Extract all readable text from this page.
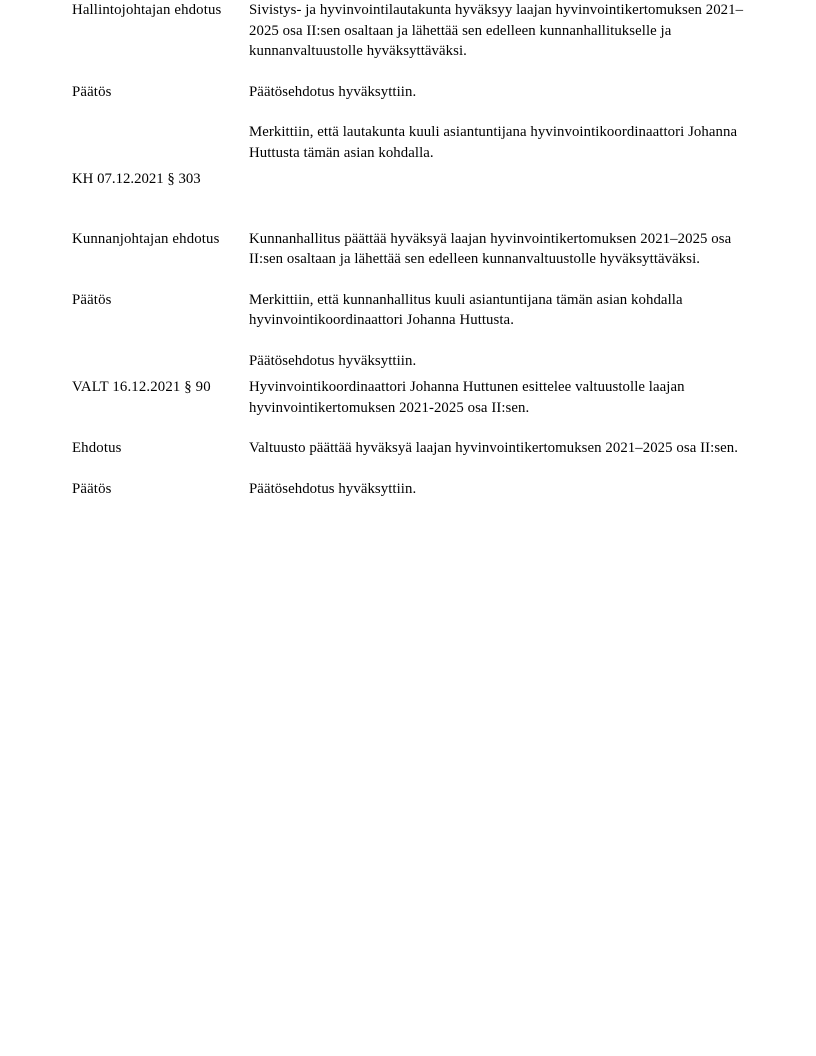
Hallintojohtajan ehdotus	Sivistys- ja hyvinvointilautakunta hyväksyy laajan hyvinvointikertomuksen 2021–2025 osa II:sen osaltaan ja lähettää sen edelleen kunnanhallitukselle ja kunnanvaltuustolle hyväksyttäväksi.

Päätös	Päätösehdotus hyväksyttiin.

Merkittiin, että lautakunta kuuli asiantuntijana hyvinvointikoordinaattori Johanna Huttusta tämän asian kohdalla.

KH 07.12.2021 § 303
Kunnanjohtajan ehdotus	Kunnanhallitus päättää hyväksyä laajan hyvinvointikertomuksen 2021–2025 osa II:sen osaltaan ja lähettää sen edelleen kunnanvaltuustolle hyväksyttäväksi.

Päätös	Merkittiin, että kunnanhallitus kuuli asiantuntijana tämän asian kohdalla hyvinvointikoordinaattori Johanna Huttusta.

Päätösehdotus hyväksyttiin.

VALT 16.12.2021 § 90	Hyvinvointikoordinaattori Johanna Huttunen esittelee valtuustolle laajan hyvinvointikertomuksen 2021-2025 osa II:sen.

Ehdotus	Valtuusto päättää hyväksyä laajan hyvinvointikertomuksen 2021–2025 osa II:sen.

Päätös	Päätösehdotus hyväksyttiin.
